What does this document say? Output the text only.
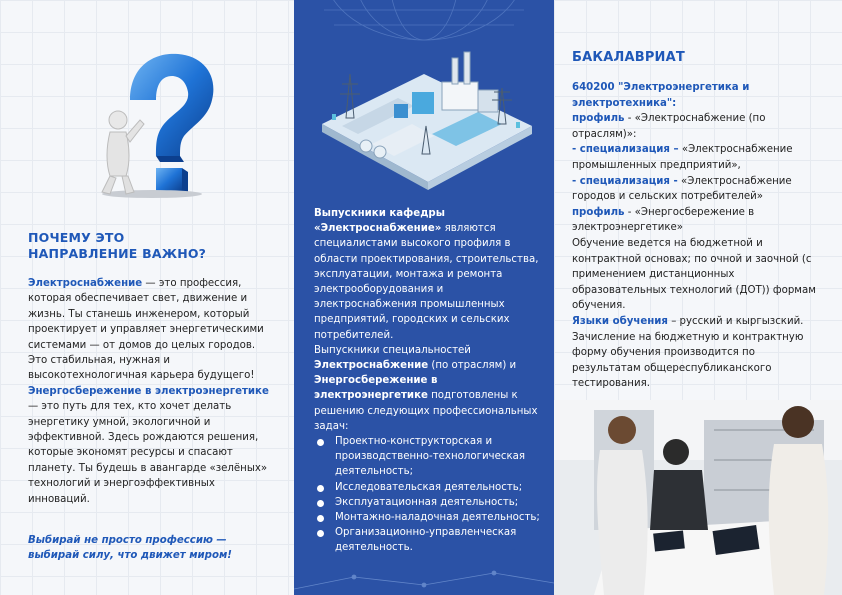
ПОЧЕМУ ЭТО
НАПРАВЛЕНИЕ ВАЖНО?
Электроснабжение — это профессия, которая обеспечивает свет, движение и жизнь. Ты станешь инженером, который проектирует и управляет энергетическими системами — от домов до целых городов. Это стабильная, нужная и высокотехнологичная карьера будущего!
Энергосбережение в электроэнергетике — это путь для тех, кто хочет делать энергетику умной, экологичной и эффективной. Здесь рождаются решения, которые экономят ресурсы и спасают планету. Ты будешь в авангарде «зелёных» технологий и энергоэффективных инноваций.
Выбирай не просто профессию — выбирай силу, что движет миром!
Выпускники кафедры «Электроснабжение» являются специалистами высокого профиля в области проектирования, строительства, эксплуатации, монтажа и ремонта электрооборудования и электроснабжения промышленных предприятий, городских и сельских потребителей.
Выпускники специальностей Электроснабжение (по отраслям) и Энергосбережение в электроэнергетике подготовлены к решению следующих профессиональных задач:
Проектно-конструкторская и производственно-технологическая деятельность;
Исследовательская деятельность;
Эксплуатационная деятельность;
Монтажно-наладочная деятельность;
Организационно-управленческая деятельность.
БАКАЛАВРИАТ
640200 "Электроэнергетика и электротехника":
профиль - «Электроснабжение (по отраслям)»:
- специализация – «Электроснабжение промышленных предприятий»,
- специализация - «Электроснабжение городов и сельских потребителей»
профиль - «Энергосбережение в электроэнергетике»
Обучение ведется на бюджетной и контрактной основах; по очной и заочной (с применением дистанционных образовательных технологий (ДОТ)) формам обучения.
Языки обучения – русский и кыргызский.
Зачисление на бюджетную и контрактную форму обучения производится по результатам общереспубликанского тестирования.
